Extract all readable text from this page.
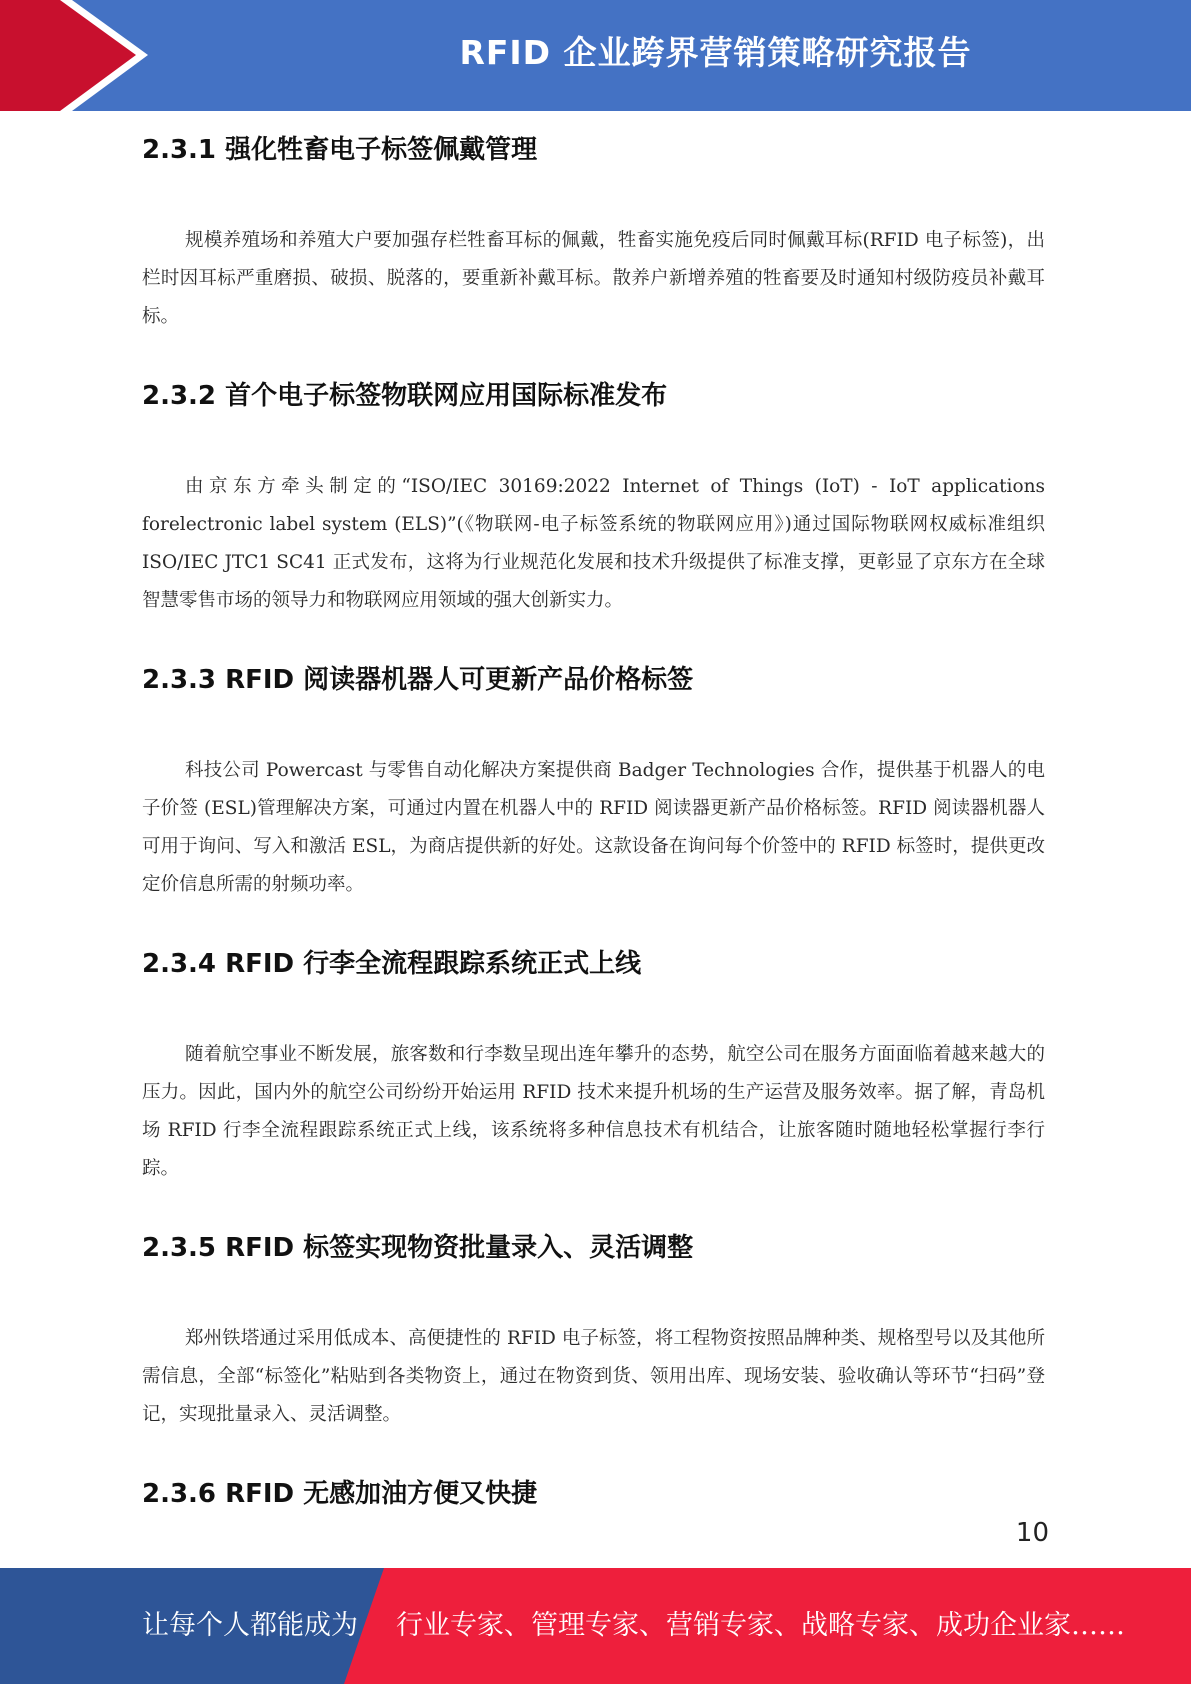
RFID 企业跨界营销策略研究报告
2.3.1 强化牲畜电子标签佩戴管理

规模养殖场和养殖大户要加强存栏牲畜耳标的佩戴，牲畜实施免疫后同时佩戴耳标(RFID 电子标签)，出栏时因耳标严重磨损、破损、脱落的，要重新补戴耳标。散养户新增养殖的牲畜要及时通知村级防疫员补戴耳标。

2.3.2 首个电子标签物联网应用国际标准发布

由京东方牵头制定的“ISO/IEC 30169:2022 Internet of Things (IoT) - IoT applications forelectronic label system (ELS)”(《物联网-电子标签系统的物联网应用》)通过国际物联网权威标准组织 ISO/IEC JTC1 SC41 正式发布，这将为行业规范化发展和技术升级提供了标准支撑，更彰显了京东方在全球智慧零售市场的领导力和物联网应用领域的强大创新实力。

2.3.3 RFID 阅读器机器人可更新产品价格标签

科技公司 Powercast 与零售自动化解决方案提供商 Badger Technologies 合作，提供基于机器人的电子价签 (ESL)管理解决方案，可通过内置在机器人中的 RFID 阅读器更新产品价格标签。RFID 阅读器机器人可用于询问、写入和激活 ESL，为商店提供新的好处。这款设备在询问每个价签中的 RFID 标签时，提供更改定价信息所需的射频功率。

2.3.4 RFID 行李全流程跟踪系统正式上线

随着航空事业不断发展，旅客数和行李数呈现出连年攀升的态势，航空公司在服务方面面临着越来越大的压力。因此，国内外的航空公司纷纷开始运用 RFID 技术来提升机场的生产运营及服务效率。据了解，青岛机场 RFID 行李全流程跟踪系统正式上线，该系统将多种信息技术有机结合，让旅客随时随地轻松掌握行李行踪。

2.3.5 RFID 标签实现物资批量录入、灵活调整

郑州铁塔通过采用低成本、高便捷性的 RFID 电子标签，将工程物资按照品牌种类、规格型号以及其他所需信息，全部“标签化”粘贴到各类物资上，通过在物资到货、领用出库、现场安装、验收确认等环节“扫码”登记，实现批量录入、灵活调整。

2.3.6 RFID 无感加油方便又快捷

10
让每个人都能成为 行业专家、管理专家、营销专家、战略专家、成功企业家……
